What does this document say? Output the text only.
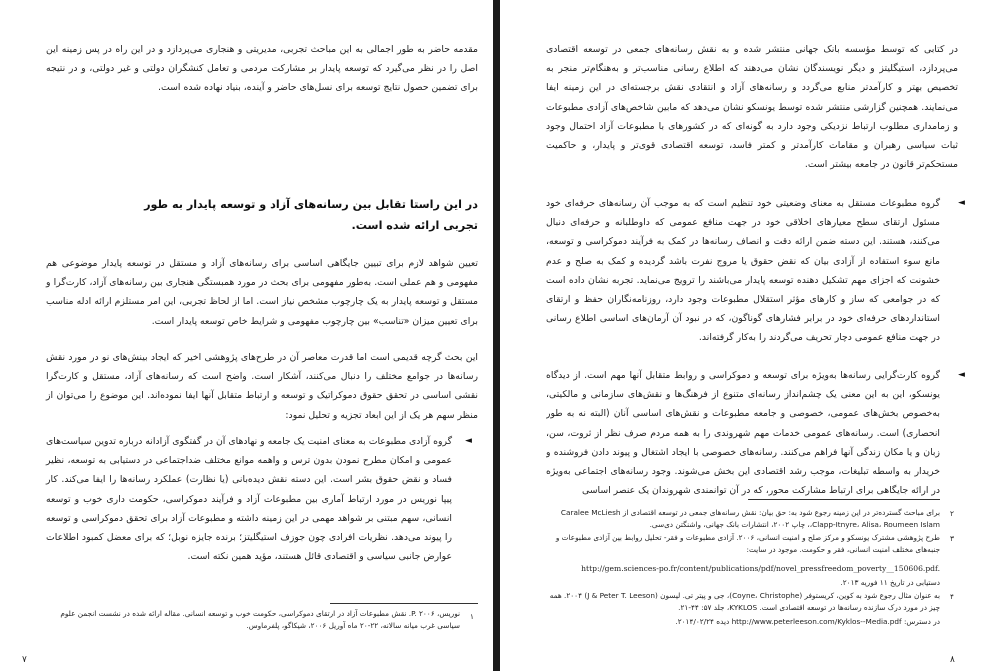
مقدمه حاضر به طور اجمالی به این مباحث تجربی، مدیریتی و هنجاری می‌پردازد و در این راه در پس زمینه این اصل را در نظر می‌گیرد که توسعه پایدار بر مشارکت مردمی و تعامل کنشگران دولتی و غیر دولتی، و در نتیجه برای تضمین حصول نتایج توسعه برای نسل‌های حاضر و آینده، بنیاد نهاده شده است.
در این راستا تقابل بین رسانه‌های آزاد و توسعه پایدار به طور تجربی ارائه شده است.
تعیین شواهد لازم برای تبیین جایگاهی اساسی برای رسانه‌های آزاد و مستقل در توسعه پایدار موضوعی هم مفهومی و هم عملی است. به‌طور مفهومی برای بحث در مورد همبستگی هنجاری بین رسانه‌های آزاد، کارت‌گرا و مستقل و توسعه پایدار به یک چارچوب مشخص نیاز است. اما از لحاظ تجربی، این امر مستلزم ارائه ادله مناسب برای تعیین میزان «تناسب» بین چارچوب مفهومی و شرایط خاص توسعه پایدار است.
این بحث گرچه قدیمی است اما قدرت معاصر آن در طرح‌های پژوهشی اخیر که ایجاد بینش‌های نو در مورد نقش رسانه‌ها در جوامع مختلف را دنبال می‌کنند، آشکار است. واضح است که رسانه‌های آزاد، مستقل و کارت‌گرا نقشی اساسی در تحقق حقوق دموکراتیک و توسعه و ارتباط متقابل آنها ایفا نموده‌اند. این موضوع را می‌توان از منظر سهم هر یک از این ابعاد تجزیه و تحلیل نمود:
◄
گروه آزادی مطبوعات به معنای امنیت یک جامعه و نهادهای آن در گفتگوی آزادانه درباره تدوین سیاست‌های عمومی و امکان مطرح نمودن بدون ترس و واهمه موانع مختلف ضداجتماعی در دستیابی به توسعه، نظیر فساد و نقض حقوق بشر است. این دسته نقش دیده‌بانی (یا نظارت) عملکرد رسانه‌ها را ایفا می‌کند. کار پیپا نوریس در مورد ارتباط آماری بین مطبوعات آزاد و فرآیند دموکراسی، حکومت داری خوب و توسعه انسانی، سهم مبتنی بر شواهد مهمی در این زمینه داشته و مطبوعات آزاد برای تحقق دموکراسی و توسعه را پیوند می‌دهد. نظریات افرادی چون جوزف استیگلیتز؛ برنده جایزه نوبل؛ که برای معضل کمبود اطلاعات عوارض جانبی سیاسی و اقتصادی قائل هستند، مؤید همین نکته است.
۱
نوریس، P. ۲۰۰۶. نقش مطبوعات آزاد در ارتقای دموکراسی، حکومت خوب و توسعه انسانی. مقاله ارائه شده در نشست انجمن علوم سیاسی غرب میانه سالانه، ۲۲-۲۰ ماه آوریل ۲۰۰۶، شیکاگو، پلفرماوس.
۷
در کتابی که توسط مؤسسه بانک جهانی منتشر شده و به نقش رسانه‌های جمعی در توسعه اقتصادی می‌پردازد، استیگلیتز و دیگر نویسندگان نشان می‌دهند که اطلاع رسانی مناسب‌تر و به‌هنگام‌تر منجر به تخصیص بهتر و کارآمدتر منابع می‌گردد و رسانه‌های آزاد و انتقادی نقش برجسته‌ای در این زمینه ایفا می‌نمایند. همچنین گزارشی منتشر شده توسط یونسکو نشان می‌دهد که مابین شاخص‌های آزادی مطبوعات و زمامداری مطلوب ارتباط نزدیکی وجود دارد به گونه‌ای که در کشورهای با مطبوعات آزاد احتمال وجود ثبات سیاسی رهبران و مقامات کارآمدتر و کمتر فاسد، توسعه اقتصادی قوی‌تر و پایدار، و حاکمیت مستحکم‌تر قانون در جامعه بیشتر است.
◄
گروه مطبوعات مستقل به معنای وضعیتی خود تنظیم است که به موجب آن رسانه‌های حرفه‌ای خود مسئول ارتقای سطح معیارهای اخلاقی خود در جهت منافع عمومی که داوطلبانه و حرفه‌ای دنبال می‌کنند، هستند. این دسته ضمن ارائه دقت و انصاف رسانه‌ها در کمک به فرآیند دموکراسی و توسعه، مانع سوء استفاده از آزادی بیان که نقض حقوق یا مروج نفرت باشد گردیده و کمک به صلح و عدم خشونت که اجزای مهم تشکیل دهنده توسعه پایدار می‌باشند را ترویج می‌نماید. تجربه نشان داده است که در جوامعی که ساز و کارهای مؤثر استقلال مطبوعات وجود دارد، روزنامه‌نگاران حفظ و ارتقای استانداردهای حرفه‌ای خود در برابر فشارهای گوناگون، که در نبود آن آرمان‌های اساسی اطلاع رسانی در جهت منافع عمومی دچار تحریف می‌گردند را به‌کار گرفته‌اند.
◄
گروه کارت‌گرایی رسانه‌ها به‌ویژه برای توسعه و دموکراسی و روابط متقابل آنها مهم است. از دیدگاه یونسکو، این به این معنی یک چشم‌انداز رسانه‌ای متنوع از فرهنگ‌ها و نقش‌های سازمانی و مالکیتی، به‌خصوص بخش‌های عمومی، خصوصی و جامعه مطبوعات و نقش‌های اساسی آنان (البته نه به طور انحصاری) است. رسانه‌های عمومی خدمات مهم شهروندی را به همه مردم صرف نظر از ثروت، سن، زبان و یا مکان زندگی آنها فراهم می‌کنند. رسانه‌های خصوصی با ایجاد اشتغال و پیوند دادن فروشنده و خریدار به واسطه تبلیغات، موجب رشد اقتصادی این بخش می‌شوند. وجود رسانه‌های اجتماعی به‌ویژه در ارائه جایگاهی برای ارتباط مشارکت محور، که در آن توانمندی شهروندان یک عنصر اساسی
۲
برای مباحث گسترده‌تر در این زمینه رجوع شود به: حق بیان: نقش رسانه‌های جمعی در توسعه اقتصادی از Caralee McLiesh ،Clapp-Itnyre، Alisa، Roumeen Islam، چاپ ۲۰۰۲، انتشارات بانک جهانی، واشنگتن دی‌سی.
۳
طرح پژوهشی مشترک یونسکو و مرکز صلح و امنیت انسانی، ۲۰۰۶. آزادی مطبوعات و فقر- تحلیل روابط بین آزادی مطبوعات و جنبه‌های مختلف امنیت انسانی، فقر و حکومت. موجود در سایت:
http://gem.sciences-po.fr/content/publications/pdf/novel_pressfreedom_poverty__150606.pdf.
دستیابی در تاریخ ۱۱ فوریه ۲۰۱۳.
۴
به عنوان مثال رجوع شود به کوین، کریستوفر (Coyne، Christophe)، جی و پیتر تی. لیسون (J & Peter T. Leeson) ۲۰۰۴. همه چیز در مورد درک سازنده رسانه‌ها در توسعه اقتصادی است. KYKLOS، جلد ۵۷: ۴۴-۲۱.
در دسترس: http://www.peterleeson.com/Kyklos--Media.pdf دیده ۲۰۱۴/۰۲/۲۴.
۸
